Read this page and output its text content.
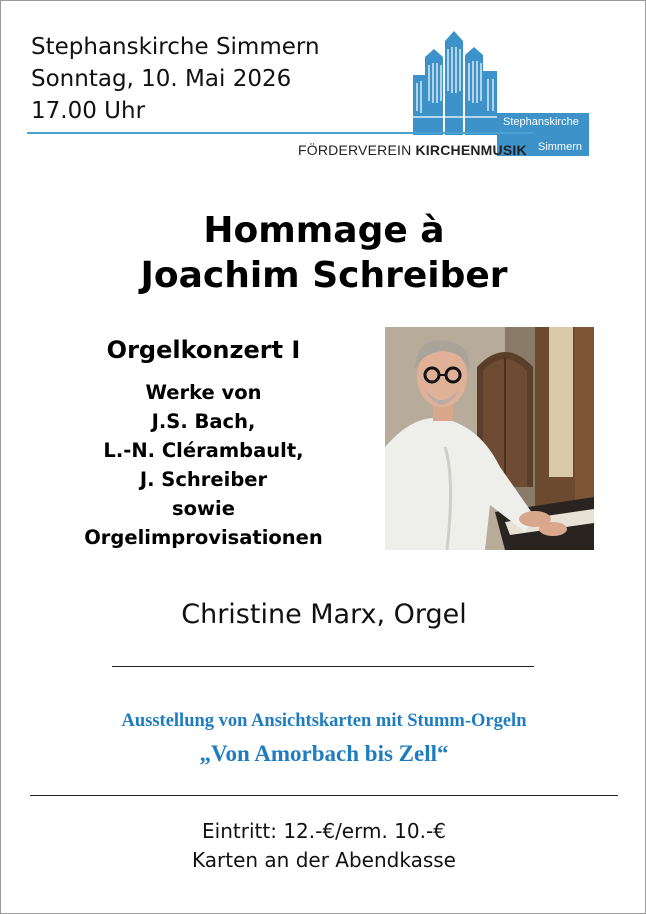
Stephanskirche Simmern
Sonntag, 10. Mai 2026
17.00 Uhr	Stephanskirche
Simmern
FÖRDERVEREIN KIRCHENMUSIK
Hommage à
Joachim Schreiber
Orgelkonzert I
Werke von
J.S. Bach,
L.-N. Clérambault,
J. Schreiber
sowie
Orgelimprovisationen
Christine Marx, Orgel
Ausstellung von Ansichtskarten mit Stumm-Orgeln
„Von Amorbach bis Zell“
Eintritt: 12.-€/erm. 10.-€
Karten an der Abendkasse
